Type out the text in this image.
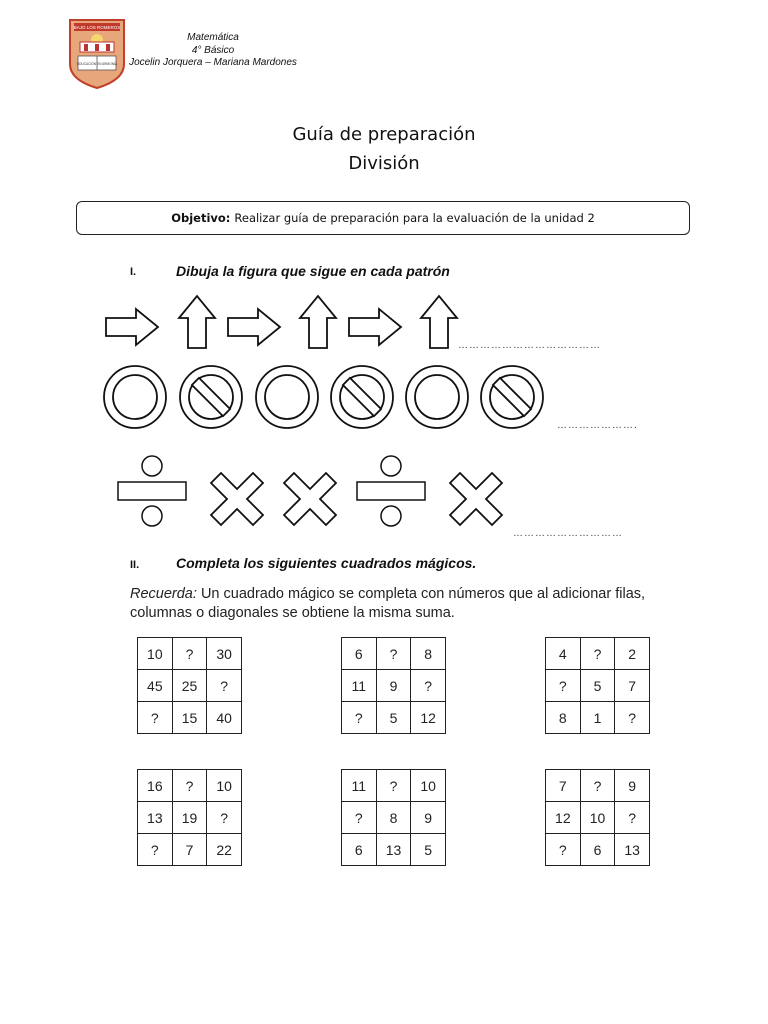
BAJO LOS ROMEROS
EDUCACIÓN EN ARMONÍA
Matemática
4° Básico
Jocelin Jorquera – Mariana Mardones
Guía de preparación
División
Objetivo: Realizar guía de preparación para la evaluación de la unidad 2
I.	Dibuja la figura que sigue en cada patrón
…………………………………
………………….
…………………………
II.	Completa los siguientes cuadrados mágicos.
Recuerda: Un cuadrado mágico se completa con números que al adicionar filas, columnas o diagonales se obtiene la misma suma.
10	?	30
45	25	?
?	15	40
6	?	8
11	9	?
?	5	12
4	?	2
?	5	7
8	1	?
16	?	10
13	19	?
?	7	22
11	?	10
?	8	9
6	13	5
7	?	9
12	10	?
?	6	13
